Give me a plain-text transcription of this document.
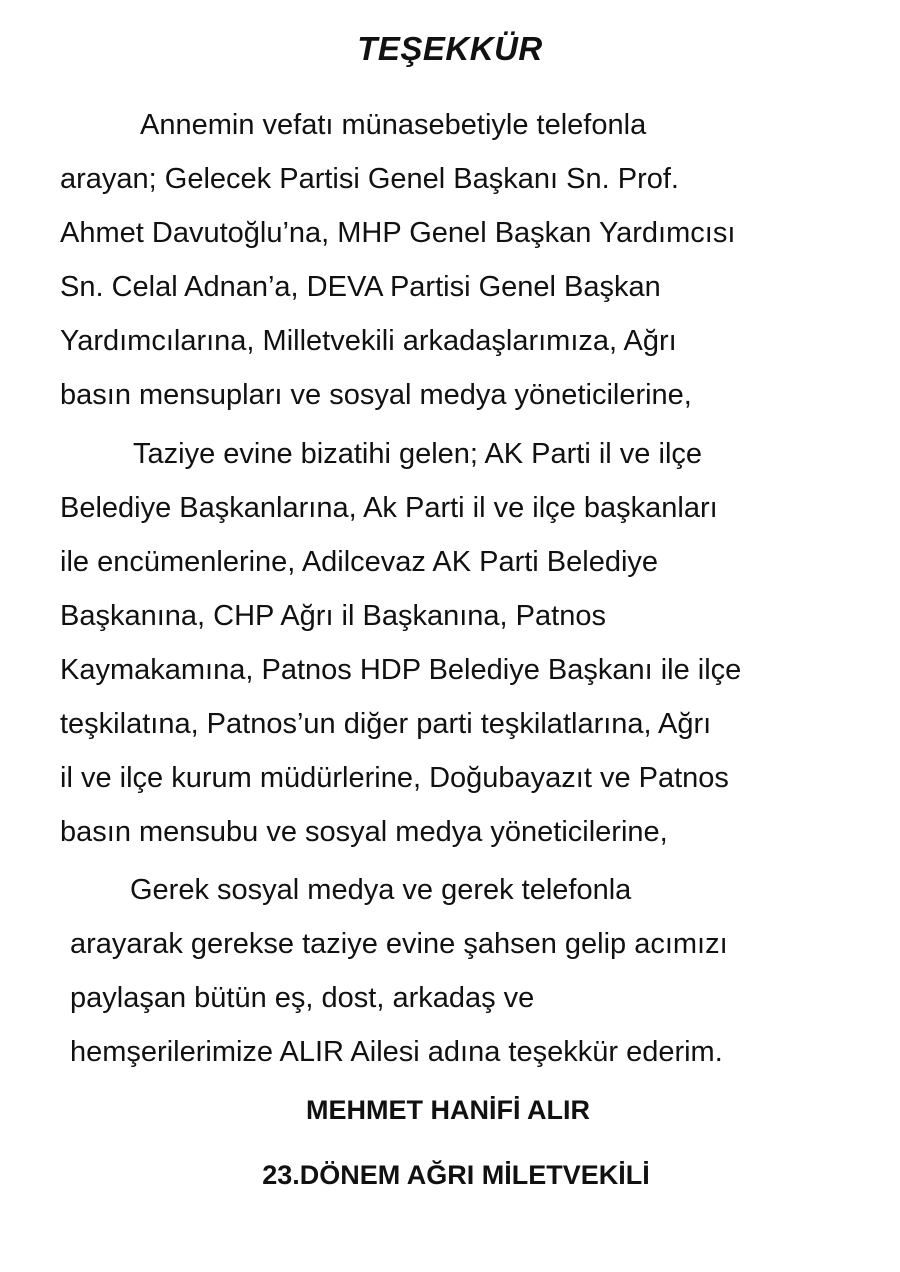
TEŞEKKÜR
Annemin vefatı münasebetiyle telefonla
arayan; Gelecek Partisi Genel Başkanı Sn. Prof.
Ahmet Davutoğlu’na, MHP Genel Başkan Yardımcısı
Sn. Celal Adnan’a, DEVA Partisi Genel Başkan
Yardımcılarına, Milletvekili arkadaşlarımıza, Ağrı
basın mensupları ve sosyal medya yöneticilerine,
Taziye evine bizatihi gelen; AK Parti il ve ilçe
Belediye Başkanlarına, Ak Parti il ve ilçe başkanları
ile encümenlerine, Adilcevaz AK Parti Belediye
Başkanına, CHP Ağrı il Başkanına, Patnos
Kaymakamına, Patnos HDP Belediye Başkanı ile ilçe
teşkilatına, Patnos’un diğer parti teşkilatlarına, Ağrı
il ve ilçe kurum müdürlerine, Doğubayazıt ve Patnos
basın mensubu ve sosyal medya yöneticilerine,
Gerek sosyal medya ve gerek telefonla
arayarak gerekse taziye evine şahsen gelip acımızı
paylaşan bütün eş, dost, arkadaş ve
hemşerilerimize ALIR Ailesi adına teşekkür ederim.
MEHMET HANİFİ ALIR
23.DÖNEM AĞRI MİLETVEKİLİ
